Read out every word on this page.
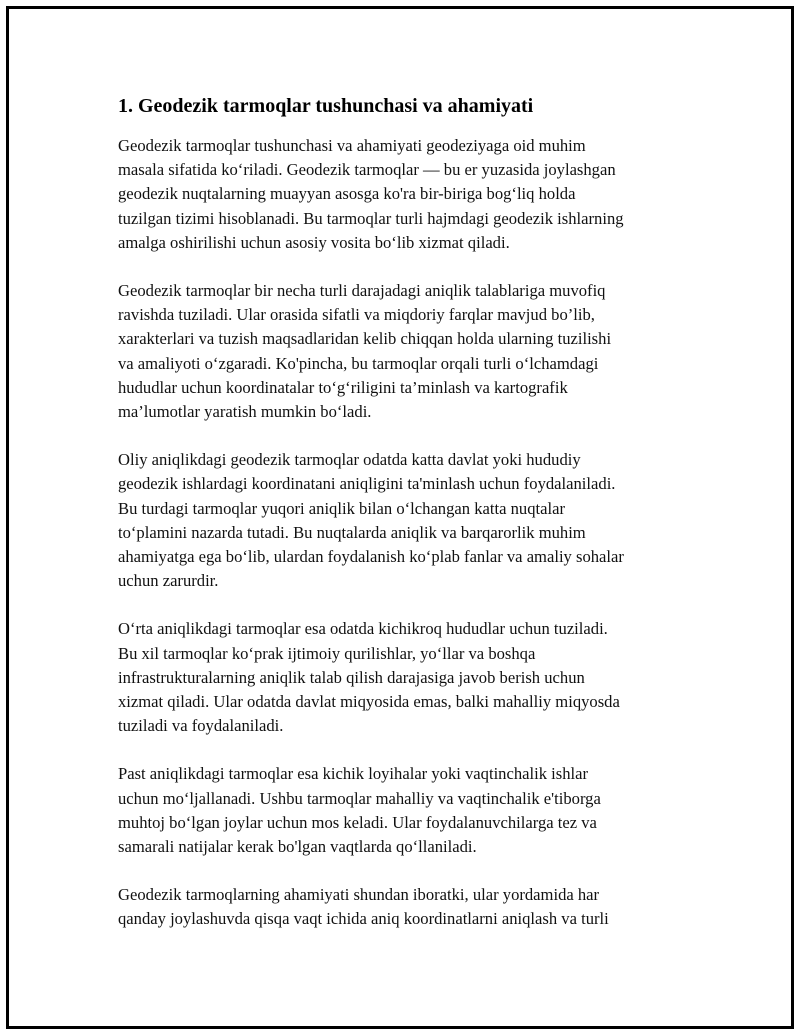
1. Geodezik tarmoqlar tushunchasi va ahamiyati

Geodezik tarmoqlar tushunchasi va ahamiyati geodeziyaga oid muhim
masala sifatida ko‘riladi. Geodezik tarmoqlar — bu er yuzasida joylashgan
geodezik nuqtalarning muayyan asosga ko'ra bir-biriga bog‘liq holda
tuzilgan tizimi hisoblanadi. Bu tarmoqlar turli hajmdagi geodezik ishlarning
amalga oshirilishi uchun asosiy vosita bo‘lib xizmat qiladi.

Geodezik tarmoqlar bir necha turli darajadagi aniqlik talablariga muvofiq
ravishda tuziladi. Ular orasida sifatli va miqdoriy farqlar mavjud bo’lib,
xarakterlari va tuzish maqsadlaridan kelib chiqqan holda ularning tuzilishi
va amaliyoti o‘zgaradi. Ko'pincha, bu tarmoqlar orqali turli o‘lchamdagi
hududlar uchun koordinatalar to‘g‘riligini ta’minlash va kartografik
ma’lumotlar yaratish mumkin bo‘ladi.

Oliy aniqlikdagi geodezik tarmoqlar odatda katta davlat yoki hududiy
geodezik ishlardagi koordinatani aniqligini ta'minlash uchun foydalaniladi.
Bu turdagi tarmoqlar yuqori aniqlik bilan o‘lchangan katta nuqtalar
to‘plamini nazarda tutadi. Bu nuqtalarda aniqlik va barqarorlik muhim
ahamiyatga ega bo‘lib, ulardan foydalanish ko‘plab fanlar va amaliy sohalar
uchun zarurdir.

O‘rta aniqlikdagi tarmoqlar esa odatda kichikroq hududlar uchun tuziladi.
Bu xil tarmoqlar ko‘prak ijtimoiy qurilishlar, yo‘llar va boshqa
infrastrukturalarning aniqlik talab qilish darajasiga javob berish uchun
xizmat qiladi. Ular odatda davlat miqyosida emas, balki mahalliy miqyosda
tuziladi va foydalaniladi.

Past aniqlikdagi tarmoqlar esa kichik loyihalar yoki vaqtinchalik ishlar
uchun mo‘ljallanadi. Ushbu tarmoqlar mahalliy va vaqtinchalik e'tiborga
muhtoj bo‘lgan joylar uchun mos keladi. Ular foydalanuvchilarga tez va
samarali natijalar kerak bo'lgan vaqtlarda qo‘llaniladi.

Geodezik tarmoqlarning ahamiyati shundan iboratki, ular yordamida har
qanday joylashuvda qisqa vaqt ichida aniq koordinatlarni aniqlash va turli
